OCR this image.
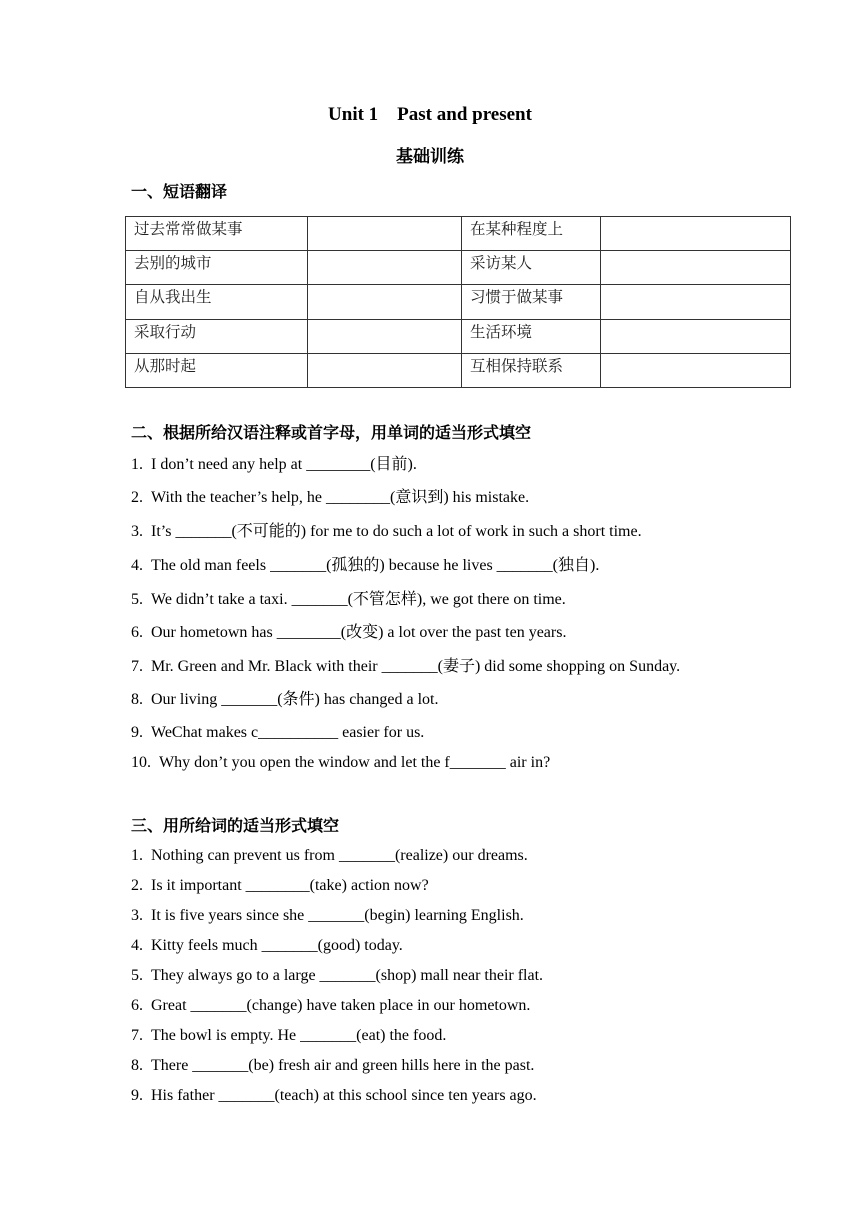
Unit 1    Past and present
基础训练
一、短语翻译
过去常常做某事		在某种程度上	
去别的城市		采访某人	
自从我出生		习惯于做某事	
采取行动		生活环境	
从那时起		互相保持联系	
二、根据所给汉语注释或首字母，用单词的适当形式填空
1. I don’t need any help at ________(目前).
2. With the teacher’s help, he ________(意识到) his mistake.
3. It’s _______(不可能的) for me to do such a lot of work in such a short time.
4. The old man feels _______(孤独的) because he lives _______(独自).
5. We didn’t take a taxi. _______(不管怎样), we got there on time.
6. Our hometown has ________(改变) a lot over the past ten years.
7. Mr. Green and Mr. Black with their _______(妻子) did some shopping on Sunday.
8. Our living _______(条件) has changed a lot.
9. WeChat makes c__________ easier for us.
10. Why don’t you open the window and let the f_______ air in?
三、用所给词的适当形式填空
1. Nothing can prevent us from _______(realize) our dreams.
2. Is it important ________(take) action now?
3. It is five years since she _______(begin) learning English.
4. Kitty feels much _______(good) today.
5. They always go to a large _______(shop) mall near their flat.
6. Great _______(change) have taken place in our hometown.
7. The bowl is empty. He _______(eat) the food.
8. There _______(be) fresh air and green hills here in the past.
9. His father _______(teach) at this school since ten years ago.
